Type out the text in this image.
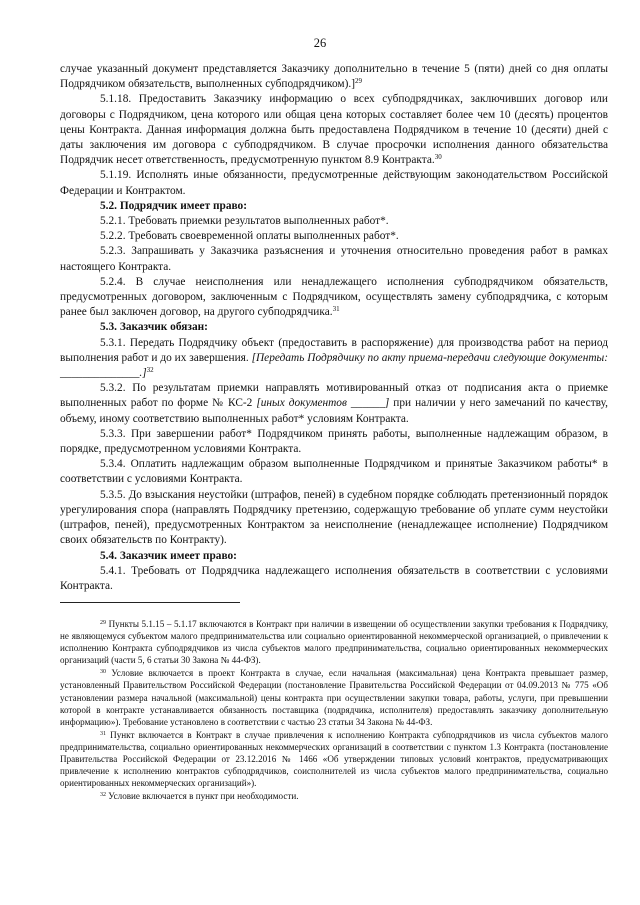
26

случае указанный документ представляется Заказчику дополнительно в течение 5 (пяти) дней со дня оплаты Подрядчиком обязательств, выполненных субподрядчиком).]$^{29}$

5.1.18. Предоставить Заказчику информацию о всех субподрядчиках, заключивших договор или договоры с Подрядчиком, цена которого или общая цена которых составляет более чем 10 (десять) процентов цены Контракта. Данная информация должна быть предоставлена Подрядчиком в течение 10 (десяти) дней с даты заключения им договора с субподрядчиком. В случае просрочки исполнения данного обязательства Подрядчик несет ответственность, предусмотренную пунктом 8.9 Контракта.$^{30}$

5.1.19. Исполнять иные обязанности, предусмотренные действующим законодательством Российской Федерации и Контрактом.

5.2. Подрядчик имеет право:

5.2.1. Требовать приемки результатов выполненных работ*.

5.2.2. Требовать своевременной оплаты выполненных работ*.

5.2.3. Запрашивать у Заказчика разъяснения и уточнения относительно проведения работ в рамках настоящего Контракта.

5.2.4. В случае неисполнения или ненадлежащего исполнения субподрядчиком обязательств, предусмотренных договором, заключенным с Подрядчиком, осуществлять замену субподрядчика, с которым ранее был заключен договор, на другого субподрядчика.$^{31}$

5.3. Заказчик обязан:

5.3.1. Передать Подрядчику объект (предоставить в распоряжение) для производства работ на период выполнения работ и до их завершения. [Передать Подрядчику по акту приема-передачи следующие документы: ______________.]$^{32}$

5.3.2. По результатам приемки направлять мотивированный отказ от подписания акта о приемке выполненных работ по форме № КС-2 [иных документов ______] при наличии у него замечаний по качеству, объему, иному соответствию выполненных работ* условиям Контракта.

5.3.3. При завершении работ* Подрядчиком принять работы, выполненные надлежащим образом, в порядке, предусмотренном условиями Контракта.

5.3.4. Оплатить надлежащим образом выполненные Подрядчиком и принятые Заказчиком работы* в соответствии с условиями Контракта.

5.3.5. До взыскания неустойки (штрафов, пеней) в судебном порядке соблюдать претензионный порядок урегулирования спора (направлять Подрядчику претензию, содержащую требование об уплате сумм неустойки (штрафов, пеней), предусмотренных Контрактом за неисполнение (ненадлежащее исполнение) Подрядчиком своих обязательств по Контракту).

5.4. Заказчик имеет право:

5.4.1. Требовать от Подрядчика надлежащего исполнения обязательств в соответствии с условиями Контракта.

$^{29}$ Пункты 5.1.15 – 5.1.17 включаются в Контракт при наличии в извещении об осуществлении закупки требования к Подрядчику, не являющемуся субъектом малого предпринимательства или социально ориентированной некоммерческой организацией, о привлечении к исполнению Контракта субподрядчиков из числа субъектов малого предпринимательства, социально ориентированных некоммерческих организаций (части 5, 6 статьи 30 Закона № 44-ФЗ).

$^{30}$ Условие включается в проект Контракта в случае, если начальная (максимальная) цена Контракта превышает размер, установленный Правительством Российской Федерации (постановление Правительства Российской Федерации от 04.09.2013 № 775 «Об установлении размера начальной (максимальной) цены контракта при осуществлении закупки товара, работы, услуги, при превышении которой в контракте устанавливается обязанность поставщика (подрядчика, исполнителя) предоставлять заказчику дополнительную информацию»). Требование установлено в соответствии с частью 23 статьи 34 Закона № 44-ФЗ.

$^{31}$ Пункт включается в Контракт в случае привлечения к исполнению Контракта субподрядчиков из числа субъектов малого предпринимательства, социально ориентированных некоммерческих организаций в соответствии с пунктом 1.3 Контракта (постановление Правительства Российской Федерации от 23.12.2016 № 1466 «Об утверждении типовых условий контрактов, предусматривающих привлечение к исполнению контрактов субподрядчиков, соисполнителей из числа субъектов малого предпринимательства, социально ориентированных некоммерческих организаций»).

$^{32}$ Условие включается в пункт при необходимости.
